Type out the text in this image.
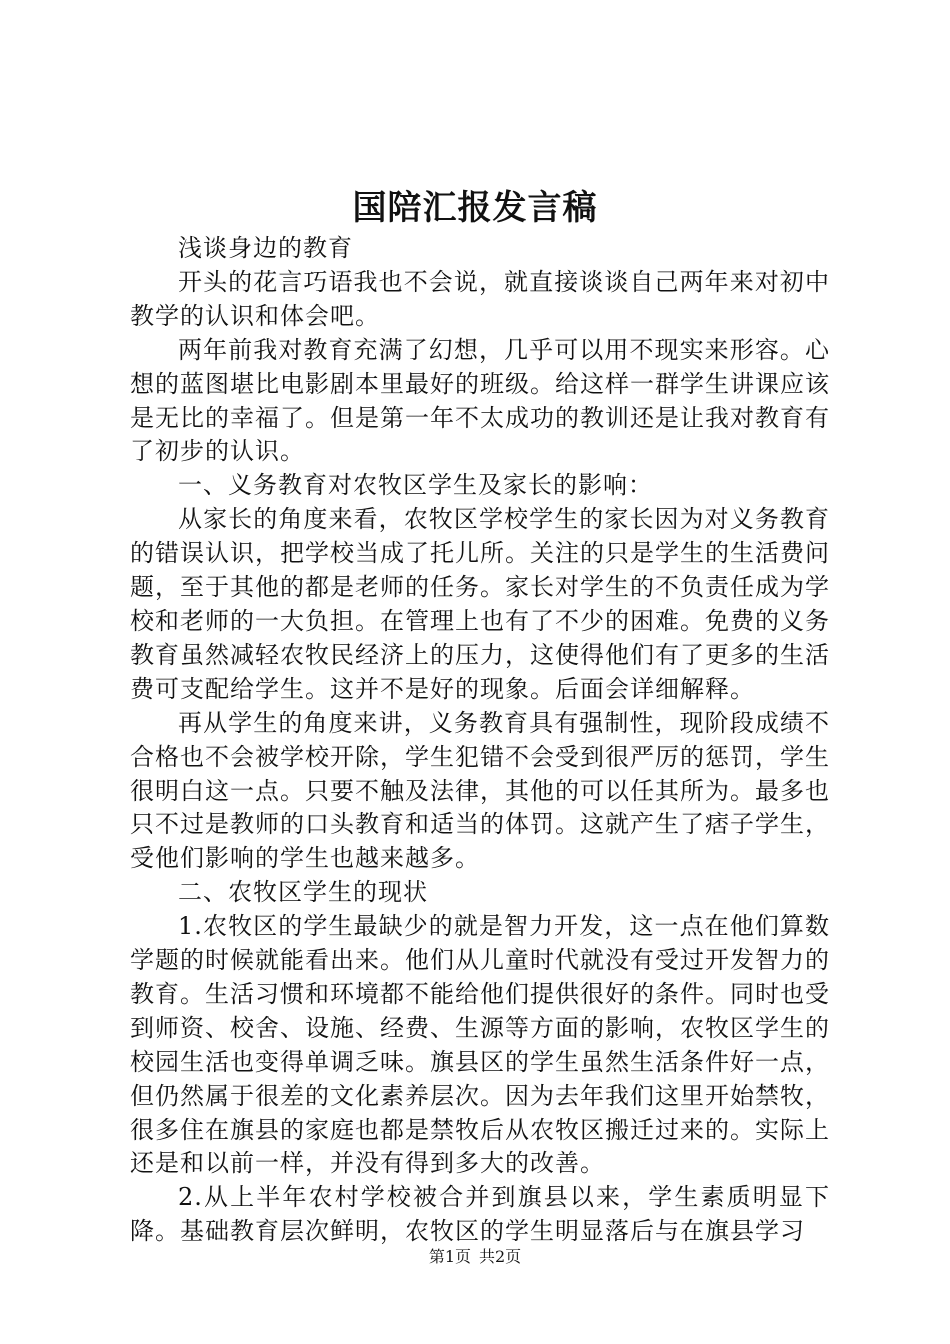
国陪汇报发言稿

浅谈身边的教育

开头的花言巧语我也不会说，就直接谈谈自己两年来对初中教学的认识和体会吧。

两年前我对教育充满了幻想，几乎可以用不现实来形容。心想的蓝图堪比电影剧本里最好的班级。给这样一群学生讲课应该是无比的幸福了。但是第一年不太成功的教训还是让我对教育有了初步的认识。

一、义务教育对农牧区学生及家长的影响：

从家长的角度来看，农牧区学校学生的家长因为对义务教育的错误认识，把学校当成了托儿所。关注的只是学生的生活费问题，至于其他的都是老师的任务。家长对学生的不负责任成为学校和老师的一大负担。在管理上也有了不少的困难。免费的义务教育虽然减轻农牧民经济上的压力，这使得他们有了更多的生活费可支配给学生。这并不是好的现象。后面会详细解释。

再从学生的角度来讲，义务教育具有强制性，现阶段成绩不合格也不会被学校开除，学生犯错不会受到很严厉的惩罚，学生很明白这一点。只要不触及法律，其他的可以任其所为。最多也只不过是教师的口头教育和适当的体罚。这就产生了痞子学生，受他们影响的学生也越来越多。

二、农牧区学生的现状

1.农牧区的学生最缺少的就是智力开发，这一点在他们算数学题的时候就能看出来。他们从儿童时代就没有受过开发智力的教育。生活习惯和环境都不能给他们提供很好的条件。同时也受到师资、校舍、设施、经费、生源等方面的影响，农牧区学生的校园生活也变得单调乏味。旗县区的学生虽然生活条件好一点，但仍然属于很差的文化素养层次。因为去年我们这里开始禁牧，很多住在旗县的家庭也都是禁牧后从农牧区搬迁过来的。实际上还是和以前一样，并没有得到多大的改善。

2.从上半年农村学校被合并到旗县以来，学生素质明显下降。基础教育层次鲜明，农牧区的学生明显落后与在旗县学习

第1页 共2页
